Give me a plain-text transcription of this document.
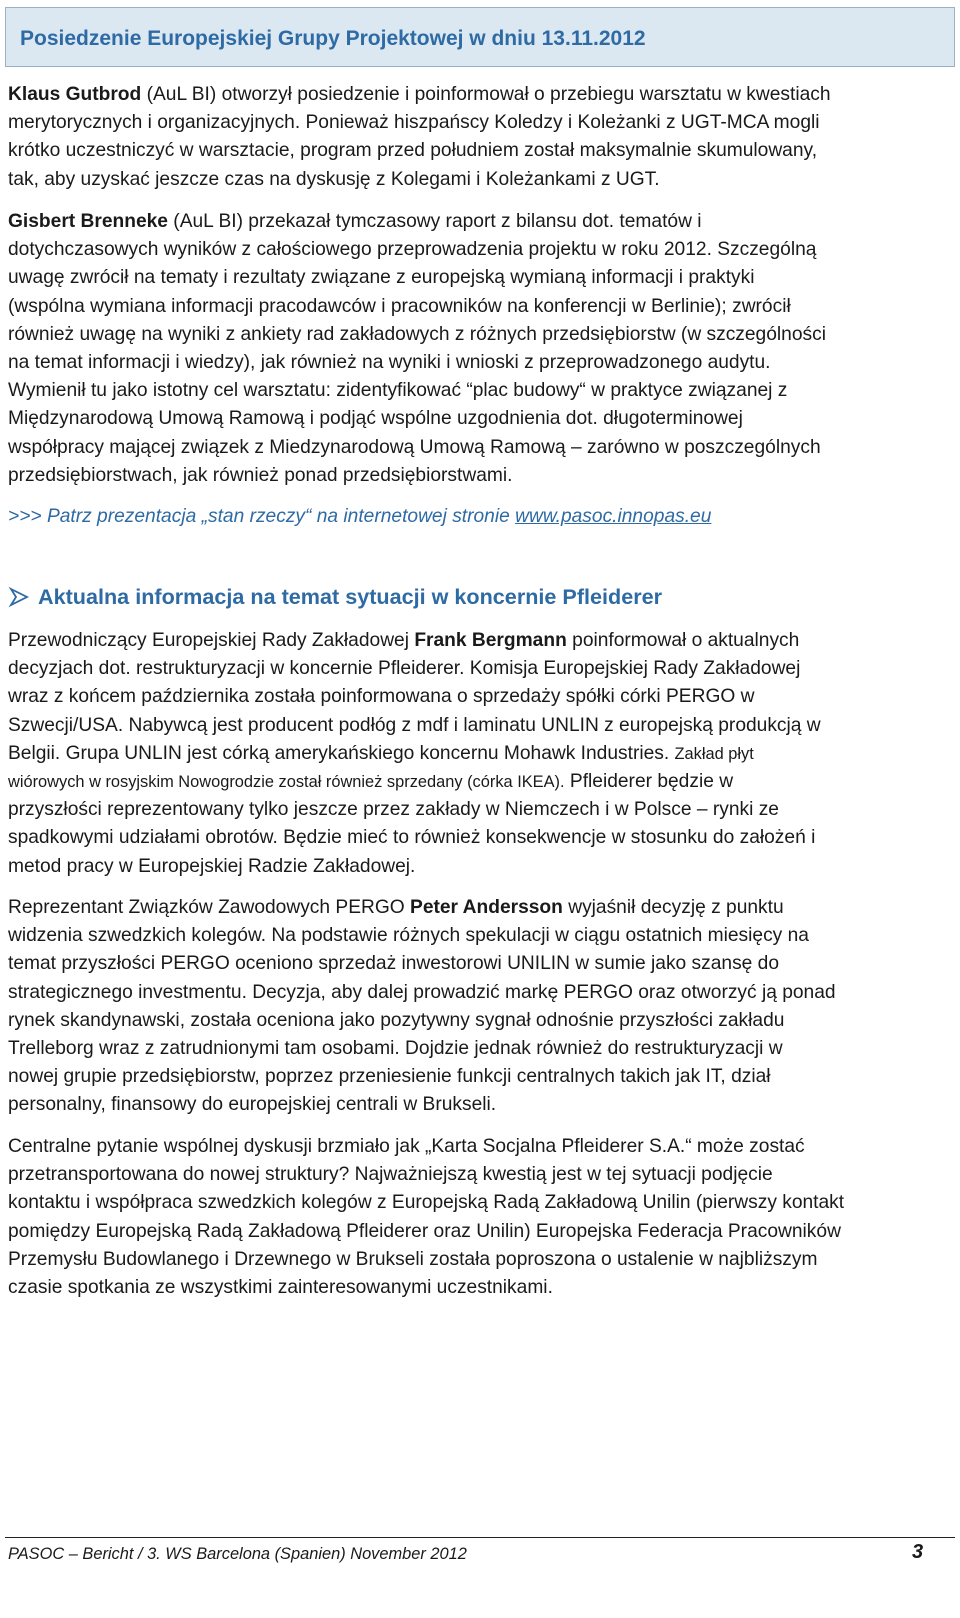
Posiedzenie Europejskiej Grupy Projektowej w dniu 13.11.2012
Klaus Gutbrod (AuL BI) otworzył posiedzenie i poinformował o przebiegu warsztatu w kwestiach
merytorycznych i organizacyjnych. Ponieważ hiszpańscy Koledzy i Koleżanki z UGT-MCA mogli
krótko uczestniczyć w warsztacie, program przed południem został maksymalnie skumulowany,
tak, aby uzyskać jeszcze czas na dyskusję z Kolegami i Koleżankami z UGT.
Gisbert Brenneke (AuL BI) przekazał tymczasowy raport z bilansu dot. tematów i
dotychczasowych wyników z całościowego przeprowadzenia projektu w roku 2012. Szczególną
uwagę zwrócił na tematy i rezultaty związane z europejską wymianą informacji i praktyki
(wspólna wymiana informacji pracodawców i pracowników na konferencji w Berlinie); zwrócił
również uwagę na wyniki z ankiety rad zakładowych z różnych przedsiębiorstw (w szczególności
na temat informacji i wiedzy), jak również na wyniki i wnioski z przeprowadzonego audytu.
Wymienił tu jako istotny cel warsztatu: zidentyfikować “plac budowy“ w praktyce związanej z
Międzynarodową Umową Ramową i podjąć wspólne uzgodnienia dot. długoterminowej
współpracy mającej związek z Miedzynarodową Umową Ramową – zarówno w poszczególnych
przedsiębiorstwach, jak również ponad przedsiębiorstwami.
>>> Patrz prezentacja „stan rzeczy“ na internetowej stronie www.pasoc.innopas.eu
Aktualna informacja na temat sytuacji w koncernie Pfleiderer
Przewodniczący Europejskiej Rady Zakładowej Frank Bergmann poinformował o aktualnych
decyzjach dot. restrukturyzacji w koncernie Pfleiderer. Komisja Europejskiej Rady Zakładowej
wraz z końcem października została poinformowana o sprzedaży spółki córki PERGO w
Szwecji/USA. Nabywcą jest producent podłóg z mdf i laminatu UNLIN z europejską produkcją w
Belgii. Grupa UNLIN jest córką amerykańskiego koncernu Mohawk Industries. Zakład płyt
wiórowych w rosyjskim Nowogrodzie został również sprzedany (córka IKEA). Pfleiderer będzie w
przyszłości reprezentowany tylko jeszcze przez zakłady w Niemczech i w Polsce – rynki ze
spadkowymi udziałami obrotów. Będzie mieć to również konsekwencje w stosunku do założeń i
metod pracy w Europejskiej Radzie Zakładowej.
Reprezentant Związków Zawodowych PERGO Peter Andersson wyjaśnił decyzję z punktu
widzenia szwedzkich kolegów. Na podstawie różnych spekulacji w ciągu ostatnich miesięcy na
temat przyszłości PERGO oceniono sprzedaż inwestorowi UNILIN w sumie jako szansę do
strategicznego investmentu. Decyzja, aby dalej prowadzić markę PERGO oraz otworzyć ją ponad
rynek skandynawski, została oceniona jako pozytywny sygnał odnośnie przyszłości zakładu
Trelleborg wraz z zatrudnionymi tam osobami. Dojdzie jednak również do restrukturyzacji w
nowej grupie przedsiębiorstw, poprzez przeniesienie funkcji centralnych takich jak IT, dział
personalny, finansowy do europejskiej centrali w Brukseli.
Centralne pytanie wspólnej dyskusji brzmiało jak „Karta Socjalna Pfleiderer S.A.“ może zostać
przetransportowana do nowej struktury? Najważniejszą kwestią jest w tej sytuacji podjęcie
kontaktu i współpraca szwedzkich kolegów z Europejską Radą Zakładową Unilin (pierwszy kontakt
pomiędzy Europejską Radą Zakładową Pfleiderer oraz Unilin) Europejska Federacja Pracowników
Przemysłu Budowlanego i Drzewnego w Brukseli została poproszona o ustalenie w najbliższym
czasie spotkania ze wszystkimi zainteresowanymi uczestnikami.
PASOC – Bericht / 3. WS Barcelona (Spanien) November 2012	3
